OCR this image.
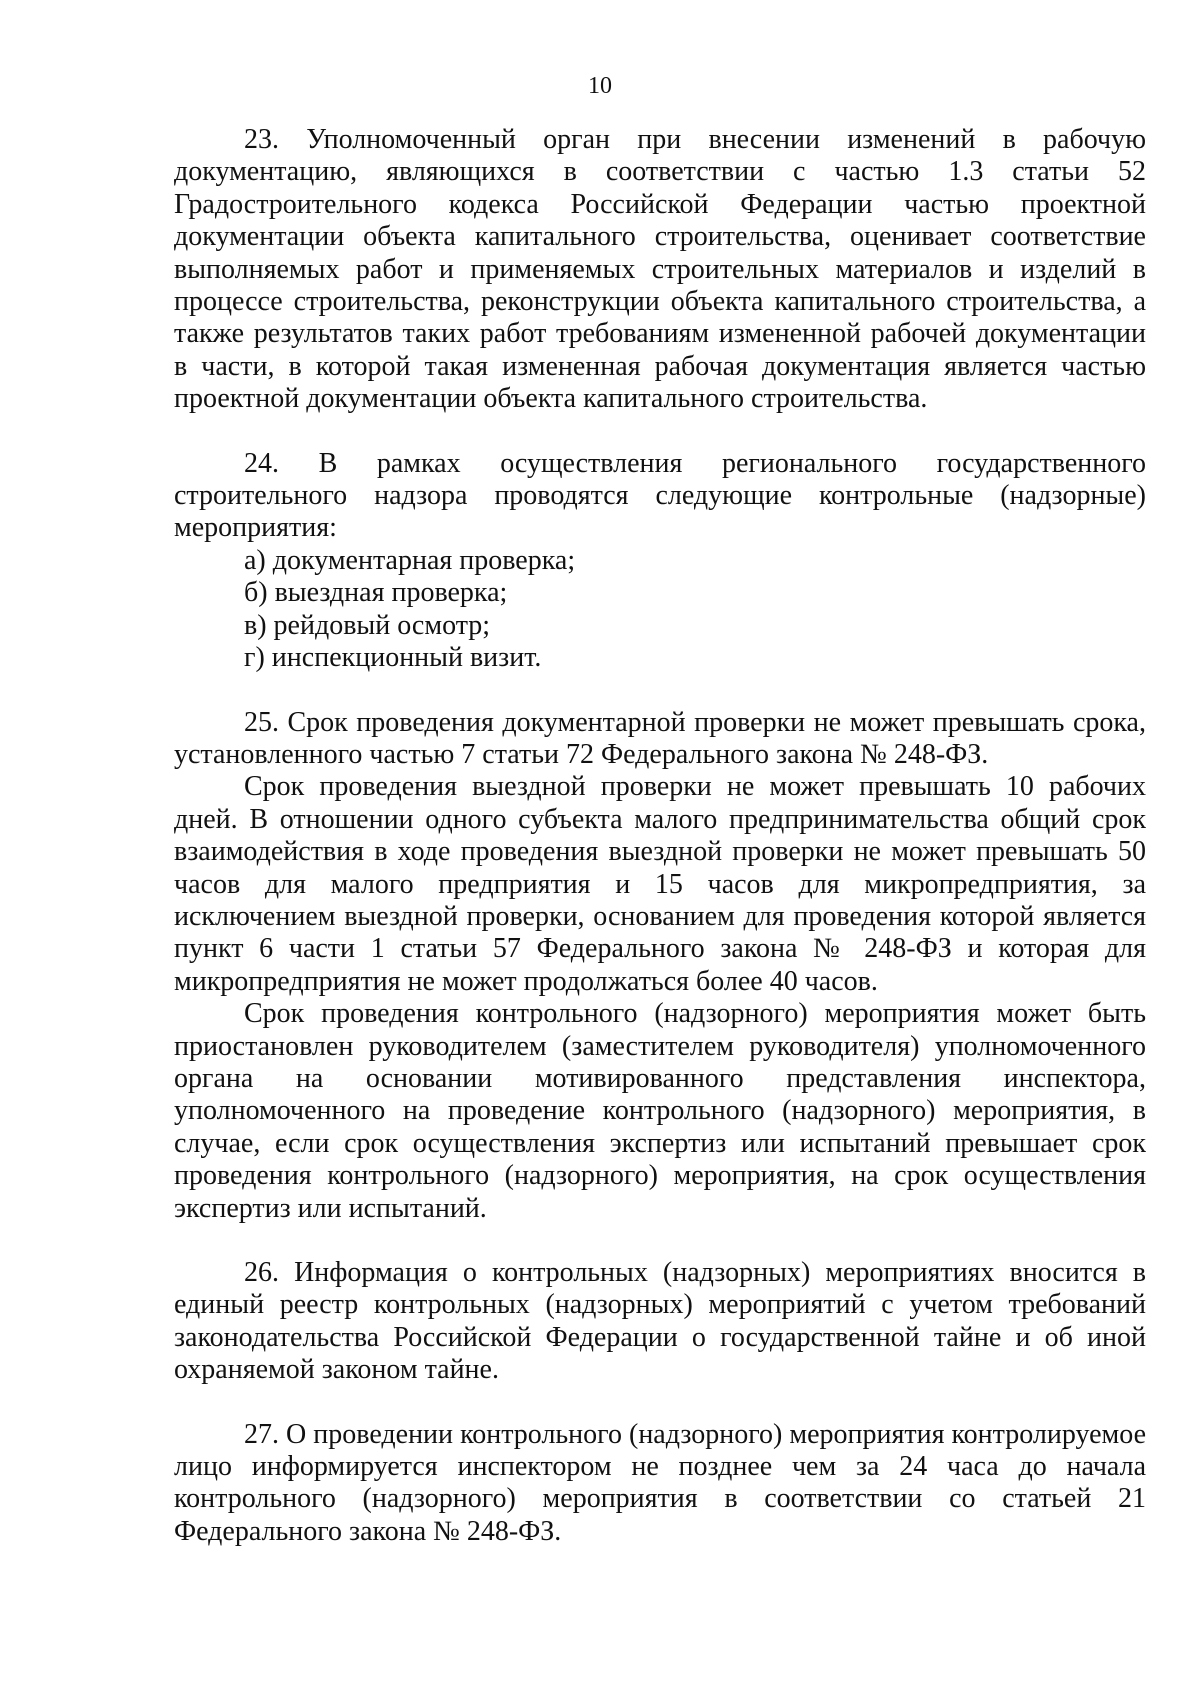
10

23. Уполномоченный орган при внесении изменений в рабочую документацию, являющихся в соответствии с частью 1.3 статьи 52 Градостроительного кодекса Российской Федерации частью проектной документации объекта капитального строительства, оценивает соответствие выполняемых работ и применяемых строительных материалов и изделий в процессе строительства, реконструкции объекта капитального строительства, а также результатов таких работ требованиям измененной рабочей документации в части, в которой такая измененная рабочая документация является частью проектной документации объекта капитального строительства.

24. В рамках осуществления регионального государственного строительного надзора проводятся следующие контрольные (надзорные) мероприятия:

а) документарная проверка;

б) выездная проверка;

в) рейдовый осмотр;

г) инспекционный визит.

25. Срок проведения документарной проверки не может превышать срока, установленного частью 7 статьи 72 Федерального закона № 248-ФЗ.

Срок проведения выездной проверки не может превышать 10 рабочих дней. В отношении одного субъекта малого предпринимательства общий срок взаимодействия в ходе проведения выездной проверки не может превышать 50 часов для малого предприятия и 15 часов для микропредприятия, за исключением выездной проверки, основанием для проведения которой является пункт 6 части 1 статьи 57 Федерального закона № 248-ФЗ и которая для микропредприятия не может продолжаться более 40 часов.

Срок проведения контрольного (надзорного) мероприятия может быть приостановлен руководителем (заместителем руководителя) уполномоченного органа на основании мотивированного представления инспектора, уполномоченного на проведение контрольного (надзорного) мероприятия, в случае, если срок осуществления экспертиз или испытаний превышает срок проведения контрольного (надзорного) мероприятия, на срок осуществления экспертиз или испытаний.

26. Информация о контрольных (надзорных) мероприятиях вносится в единый реестр контрольных (надзорных) мероприятий с учетом требований законодательства Российской Федерации о государственной тайне и об иной охраняемой законом тайне.

27. О проведении контрольного (надзорного) мероприятия контролируемое лицо информируется инспектором не позднее чем за 24 часа до начала контрольного (надзорного) мероприятия в соответствии со статьей 21 Федерального закона № 248-ФЗ.
